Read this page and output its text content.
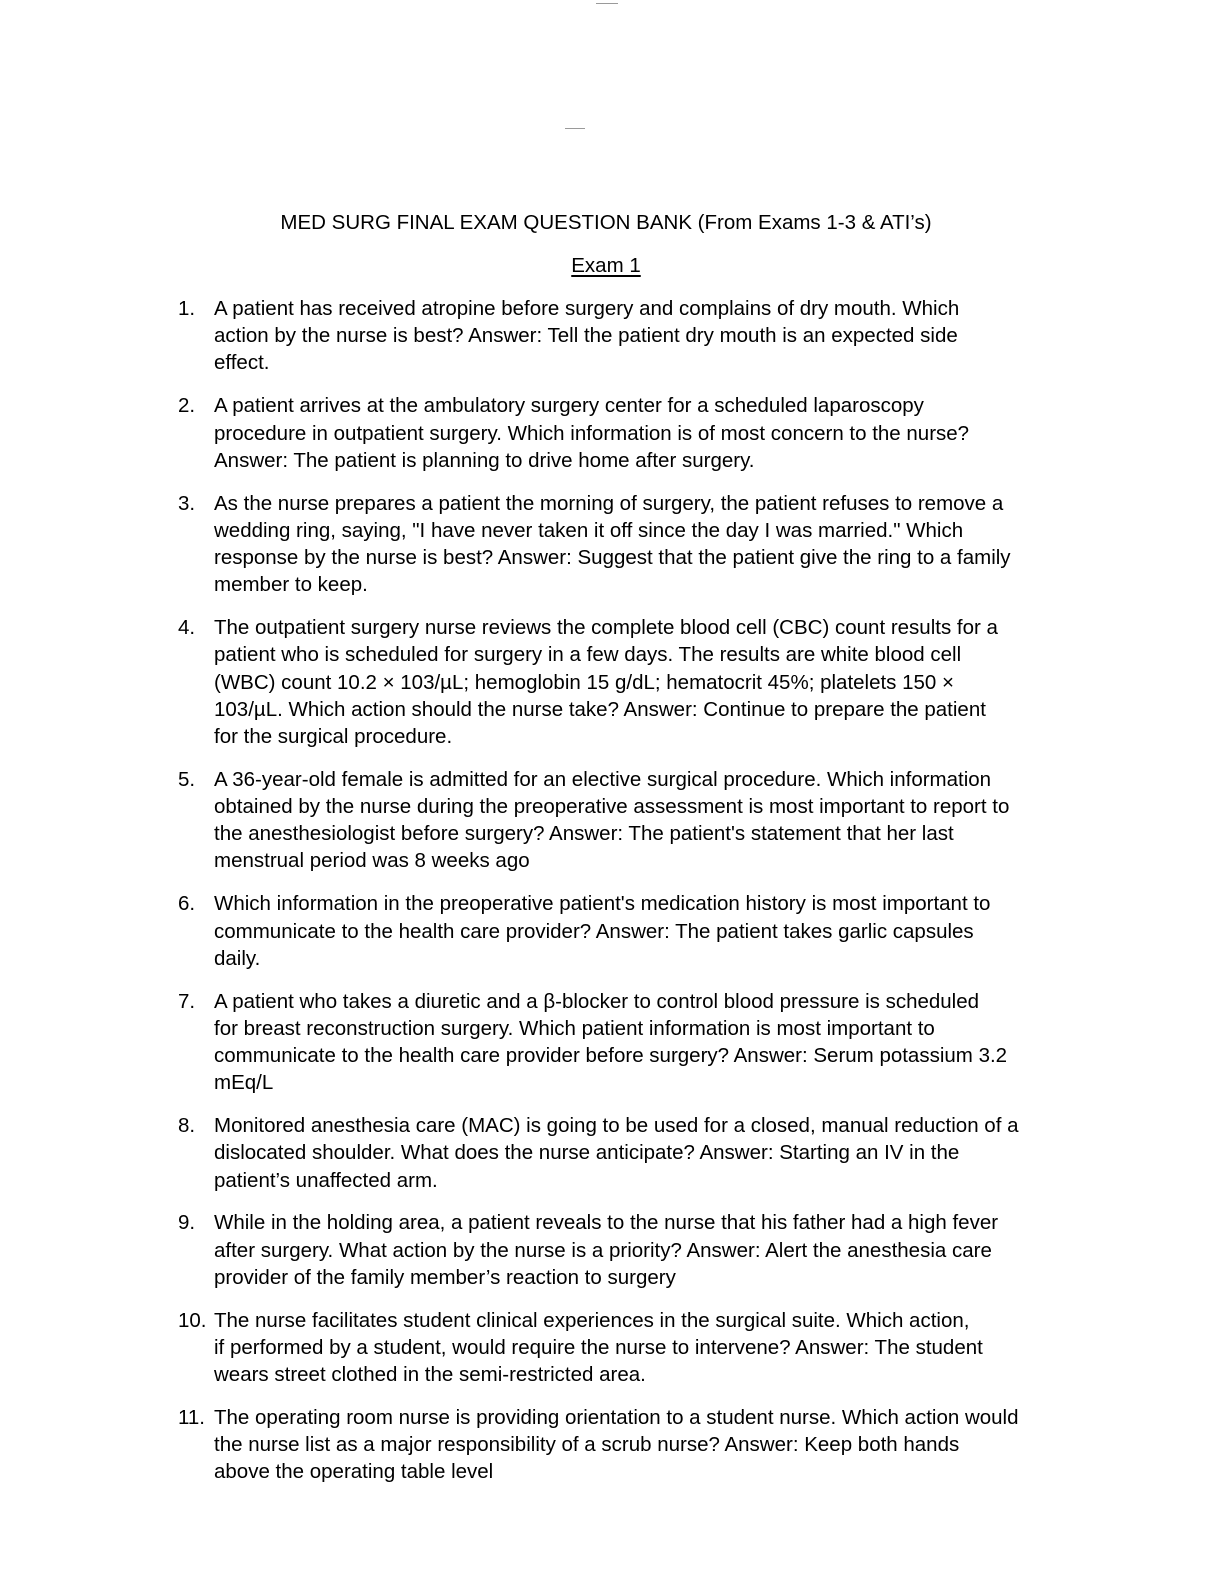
MED SURG FINAL EXAM QUESTION BANK (From Exams 1-3 & ATI’s)
Exam 1
1. A patient has received atropine before surgery and complains of dry mouth. Which
action by the nurse is best? Answer: Tell the patient dry mouth is an expected side
effect.
2. A patient arrives at the ambulatory surgery center for a scheduled laparoscopy
procedure in outpatient surgery. Which information is of most concern to the nurse?
Answer: The patient is planning to drive home after surgery.
3. As the nurse prepares a patient the morning of surgery, the patient refuses to remove a
wedding ring, saying, "I have never taken it off since the day I was married." Which
response by the nurse is best? Answer: Suggest that the patient give the ring to a family
member to keep.
4. The outpatient surgery nurse reviews the complete blood cell (CBC) count results for a
patient who is scheduled for surgery in a few days. The results are white blood cell
(WBC) count 10.2 × 103/µL; hemoglobin 15 g/dL; hematocrit 45%; platelets 150 ×
103/µL. Which action should the nurse take? Answer: Continue to prepare the patient
for the surgical procedure.
5. A 36-year-old female is admitted for an elective surgical procedure. Which information
obtained by the nurse during the preoperative assessment is most important to report to
the anesthesiologist before surgery? Answer: The patient's statement that her last
menstrual period was 8 weeks ago
6. Which information in the preoperative patient's medication history is most important to
communicate to the health care provider? Answer: The patient takes garlic capsules
daily.
7. A patient who takes a diuretic and a β-blocker to control blood pressure is scheduled
for breast reconstruction surgery. Which patient information is most important to
communicate to the health care provider before surgery? Answer: Serum potassium 3.2
mEq/L
8. Monitored anesthesia care (MAC) is going to be used for a closed, manual reduction of a
dislocated shoulder. What does the nurse anticipate? Answer: Starting an IV in the
patient’s unaffected arm.
9. While in the holding area, a patient reveals to the nurse that his father had a high fever
after surgery. What action by the nurse is a priority? Answer: Alert the anesthesia care
provider of the family member’s reaction to surgery
10. The nurse facilitates student clinical experiences in the surgical suite. Which action,
if performed by a student, would require the nurse to intervene? Answer: The student
wears street clothed in the semi-restricted area.
11. The operating room nurse is providing orientation to a student nurse. Which action would
the nurse list as a major responsibility of a scrub nurse? Answer: Keep both hands
above the operating table level
